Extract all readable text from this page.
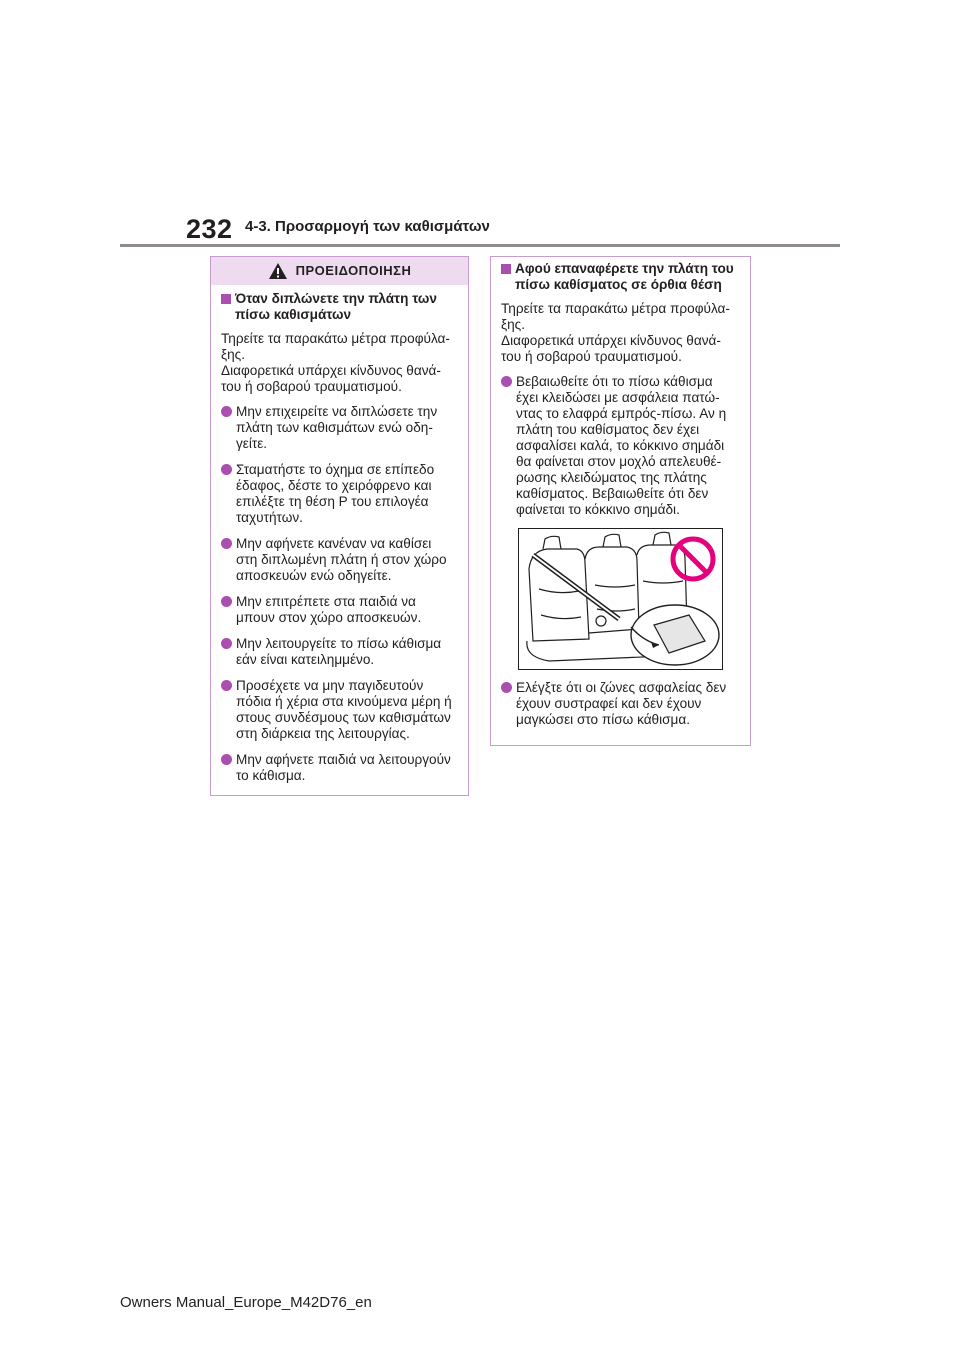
232 4-3. Προσαρμογή των καθισμάτων
ΠΡΟΕΙΔΟΠΟΙΗΣΗ
Όταν διπλώνετε την πλάτη των πίσω καθισμάτων

Τηρείτε τα παρακάτω μέτρα προφύλα-
ξης.
Διαφορετικά υπάρχει κίνδυνος θανά-
του ή σοβαρού τραυματισμού.

Μην επιχειρείτε να διπλώσετε την
πλάτη των καθισμάτων ενώ οδη-
γείτε.
Σταματήστε το όχημα σε επίπεδο
έδαφος, δέστε το χειρόφρενο και
επιλέξτε τη θέση P του επιλογέα
ταχυτήτων.
Μην αφήνετε κανέναν να καθίσει
στη διπλωμένη πλάτη ή στον χώρο
αποσκευών ενώ οδηγείτε.
Μην επιτρέπετε στα παιδιά να
μπουν στον χώρο αποσκευών.
Μην λειτουργείτε το πίσω κάθισμα
εάν είναι κατειλημμένο.
Προσέχετε να μην παγιδευτούν
πόδια ή χέρια στα κινούμενα μέρη ή
στους συνδέσμους των καθισμάτων
στη διάρκεια της λειτουργίας.
Μην αφήνετε παιδιά να λειτουργούν
το κάθισμα.
Αφού επαναφέρετε την πλάτη του πίσω καθίσματος σε όρθια θέση

Τηρείτε τα παρακάτω μέτρα προφύλα-
ξης.
Διαφορετικά υπάρχει κίνδυνος θανά-
του ή σοβαρού τραυματισμού.

Βεβαιωθείτε ότι το πίσω κάθισμα
έχει κλειδώσει με ασφάλεια πατώ-
ντας το ελαφρά εμπρός-πίσω. Αν η
πλάτη του καθίσματος δεν έχει
ασφαλίσει καλά, το κόκκινο σημάδι
θα φαίνεται στον μοχλό απελευθέ-
ρωσης κλειδώματος της πλάτης
καθίσματος. Βεβαιωθείτε ότι δεν
φαίνεται το κόκκινο σημάδι.
Ελέγξτε ότι οι ζώνες ασφαλείας δεν
έχουν συστραφεί και δεν έχουν
μαγκώσει στο πίσω κάθισμα.
Owners Manual_Europe_M42D76_en
